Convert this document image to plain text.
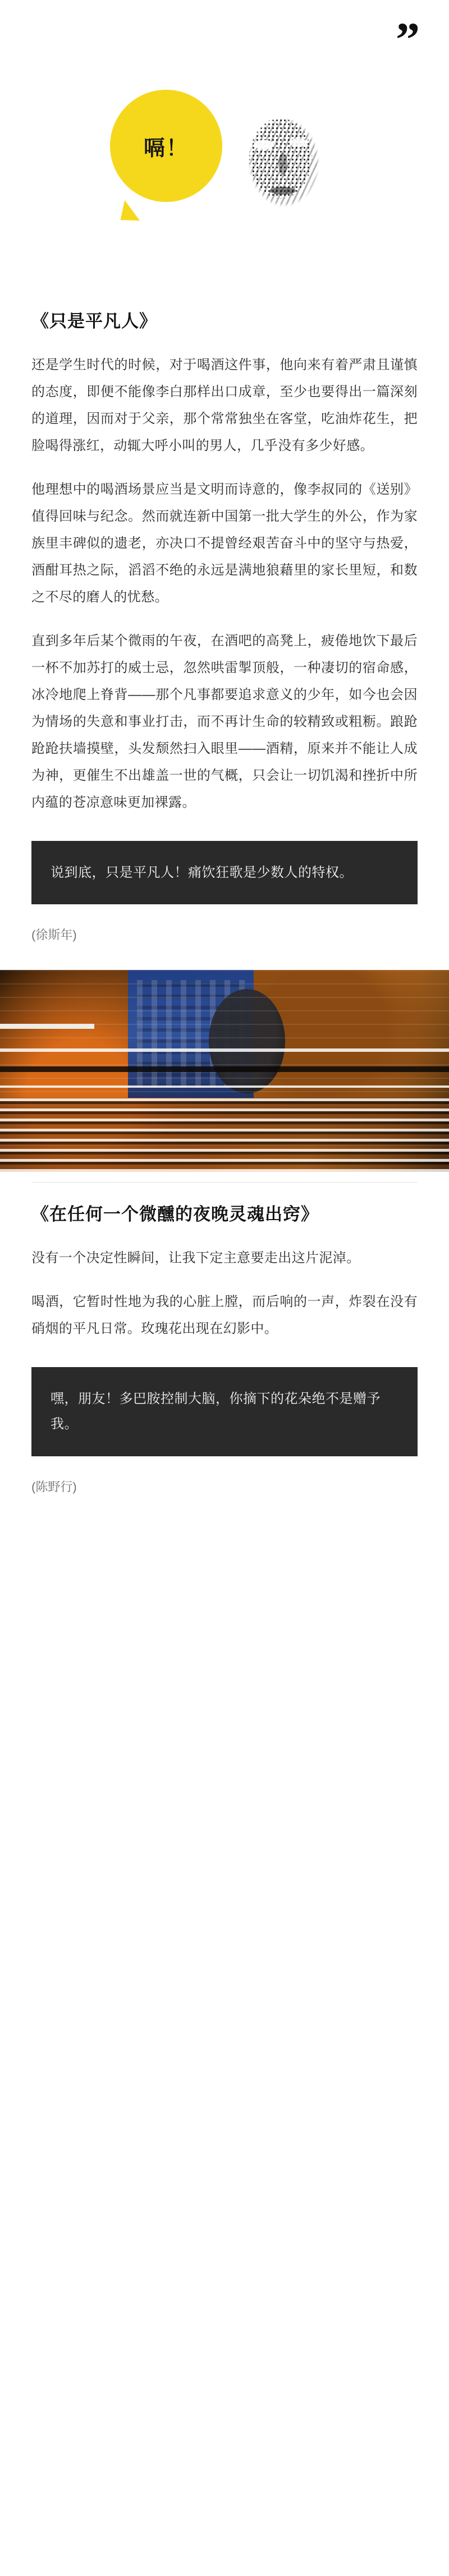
”
嗝！
《只是平凡人》

还是学生时代的时候，对于喝酒这件事，他向来有着严肃且谨慎的态度，即便不能像李白那样出口成章，至少也要得出一篇深刻的道理，因而对于父亲，那个常常独坐在客堂，吃油炸花生，把脸喝得涨红，动辄大呼小叫的男人，几乎没有多少好感。

他理想中的喝酒场景应当是文明而诗意的，像李叔同的《送别》值得回味与纪念。然而就连新中国第一批大学生的外公，作为家族里丰碑似的遗老，亦决口不提曾经艰苦奋斗中的坚守与热爱，酒酣耳热之际，滔滔不绝的永远是满地狼藉里的家长里短，和数之不尽的磨人的忧愁。

直到多年后某个微雨的午夜，在酒吧的高凳上，疲倦地饮下最后一杯不加苏打的威士忌，忽然哄雷掣顶般，一种凄切的宿命感，冰冷地爬上脊背——那个凡事都要追求意义的少年，如今也会因为情场的失意和事业打击，而不再计生命的较精致或粗粝。踉跄跄跄扶墙摸壁，头发颓然扫入眼里——酒精，原来并不能让人成为神，更催生不出雄盖一世的气概，只会让一切饥渴和挫折中所内蕴的苍凉意味更加裸露。

说到底，只是平凡人！痛饮狂歌是少数人的特权。
(徐斯年)
《在任何一个微醺的夜晚灵魂出窍》

没有一个决定性瞬间，让我下定主意要走出这片泥淖。

喝酒，它暂时性地为我的心脏上膛，而后响的一声，炸裂在没有硝烟的平凡日常。玫瑰花出现在幻影中。

嘿，朋友！多巴胺控制大脑，你摘下的花朵绝不是赠予我。
(陈野行)
